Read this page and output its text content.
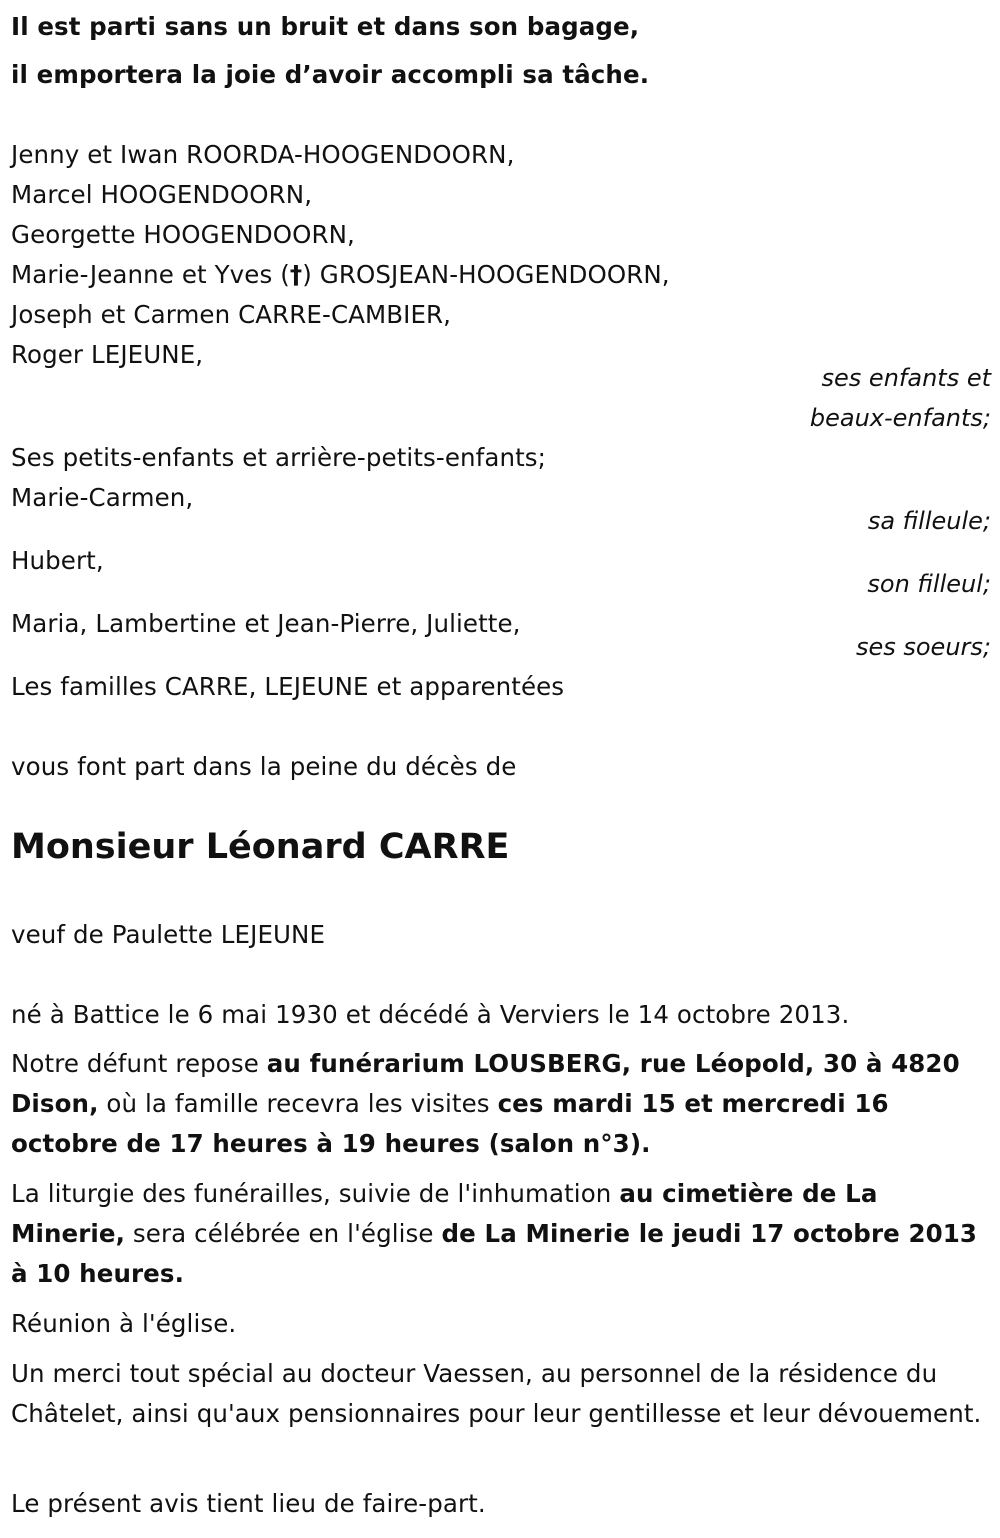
Il est parti sans un bruit et dans son bagage,
il emportera la joie d’avoir accompli sa tâche.
Jenny et Iwan ROORDA-HOOGENDOORN,
Marcel HOOGENDOORN,
Georgette HOOGENDOORN,
Marie-Jeanne et Yves (†) GROSJEAN-HOOGENDOORN,
Joseph et Carmen CARRE-CAMBIER,
Roger LEJEUNE,
ses enfants et
beaux-enfants;
Ses petits-enfants et arrière-petits-enfants;
Marie-Carmen,
sa filleule;
Hubert,
son filleul;
Maria, Lambertine et Jean-Pierre, Juliette,
ses soeurs;
Les familles CARRE, LEJEUNE et apparentées
vous font part dans la peine du décès de
Monsieur Léonard CARRE
veuf de Paulette LEJEUNE
né à Battice le 6 mai 1930 et décédé à Verviers le 14 octobre 2013.
Notre défunt repose au funérarium LOUSBERG, rue Léopold, 30 à 4820 Dison, où la famille recevra les visites ces mardi 15 et mercredi 16 octobre de 17 heures à 19 heures (salon n°3).
La liturgie des funérailles, suivie de l'inhumation au cimetière de La Minerie, sera célébrée en l'église de La Minerie le jeudi 17 octobre 2013 à 10 heures.
Réunion à l'église.
Un merci tout spécial au docteur Vaessen, au personnel de la résidence du Châtelet, ainsi qu'aux pensionnaires pour leur gentillesse et leur dévouement.
Le présent avis tient lieu de faire-part.
